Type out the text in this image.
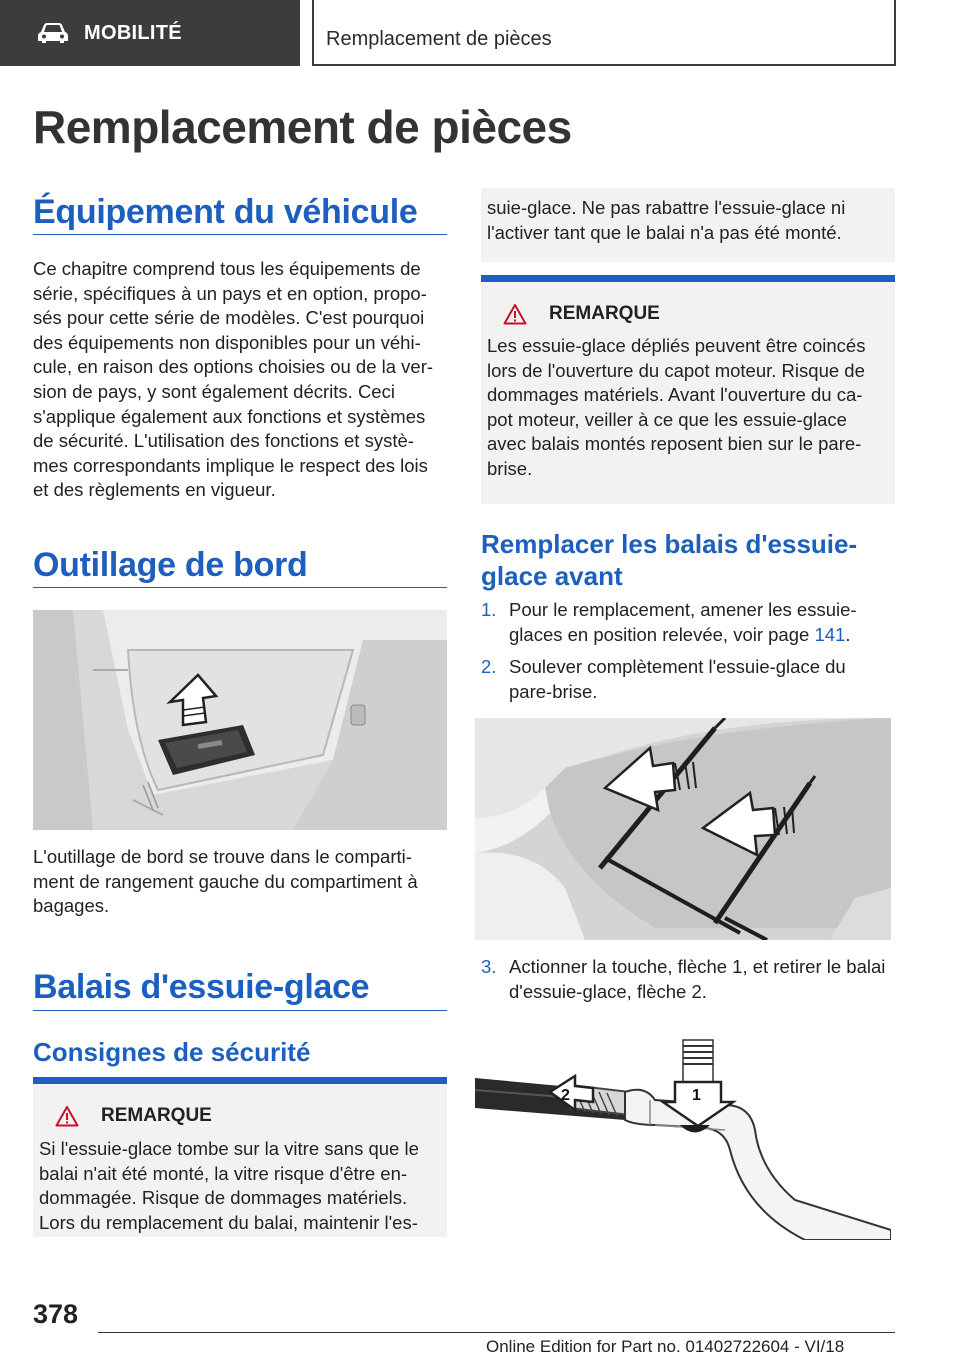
MOBILITÉ	Remplacement de pièces
Remplacement de pièces
Équipement du véhicule
Ce chapitre comprend tous les équipements de
série, spécifiques à un pays et en option, propo‐
sés pour cette série de modèles. C'est pourquoi
des équipements non disponibles pour un véhi‐
cule, en raison des options choisies ou de la ver‐
sion de pays, y sont également décrits. Ceci
s'applique également aux fonctions et systèmes
de sécurité. L'utilisation des fonctions et systè‐
mes correspondants implique le respect des lois
et des règlements en vigueur.
Outillage de bord
L'outillage de bord se trouve dans le comparti‐
ment de rangement gauche du compartiment à
bagages.
Balais d'essuie-glace
Consignes de sécurité
REMARQUE
Si l'essuie-glace tombe sur la vitre sans que le
balai n'ait été monté, la vitre risque d'être en‐
dommagée. Risque de dommages matériels.
Lors du remplacement du balai, maintenir l'es‐
suie-glace. Ne pas rabattre l'essuie-glace ni
l'activer tant que le balai n'a pas été monté.
REMARQUE
Les essuie-glace dépliés peuvent être coincés
lors de l'ouverture du capot moteur. Risque de
dommages matériels. Avant l'ouverture du ca‐
pot moteur, veiller à ce que les essuie-glace
avec balais montés reposent bien sur le pare-
brise.
Remplacer les balais d'essuie-
glace avant
1. Pour le remplacement, amener les essuie-
glaces en position relevée, voir page 141.
2. Soulever complètement l'essuie-glace du
pare-brise.
3. Actionner la touche, flèche 1, et retirer le balai
d'essuie-glace, flèche 2.
2	1
378
Online Edition for Part no. 01402722604 - VI/18
